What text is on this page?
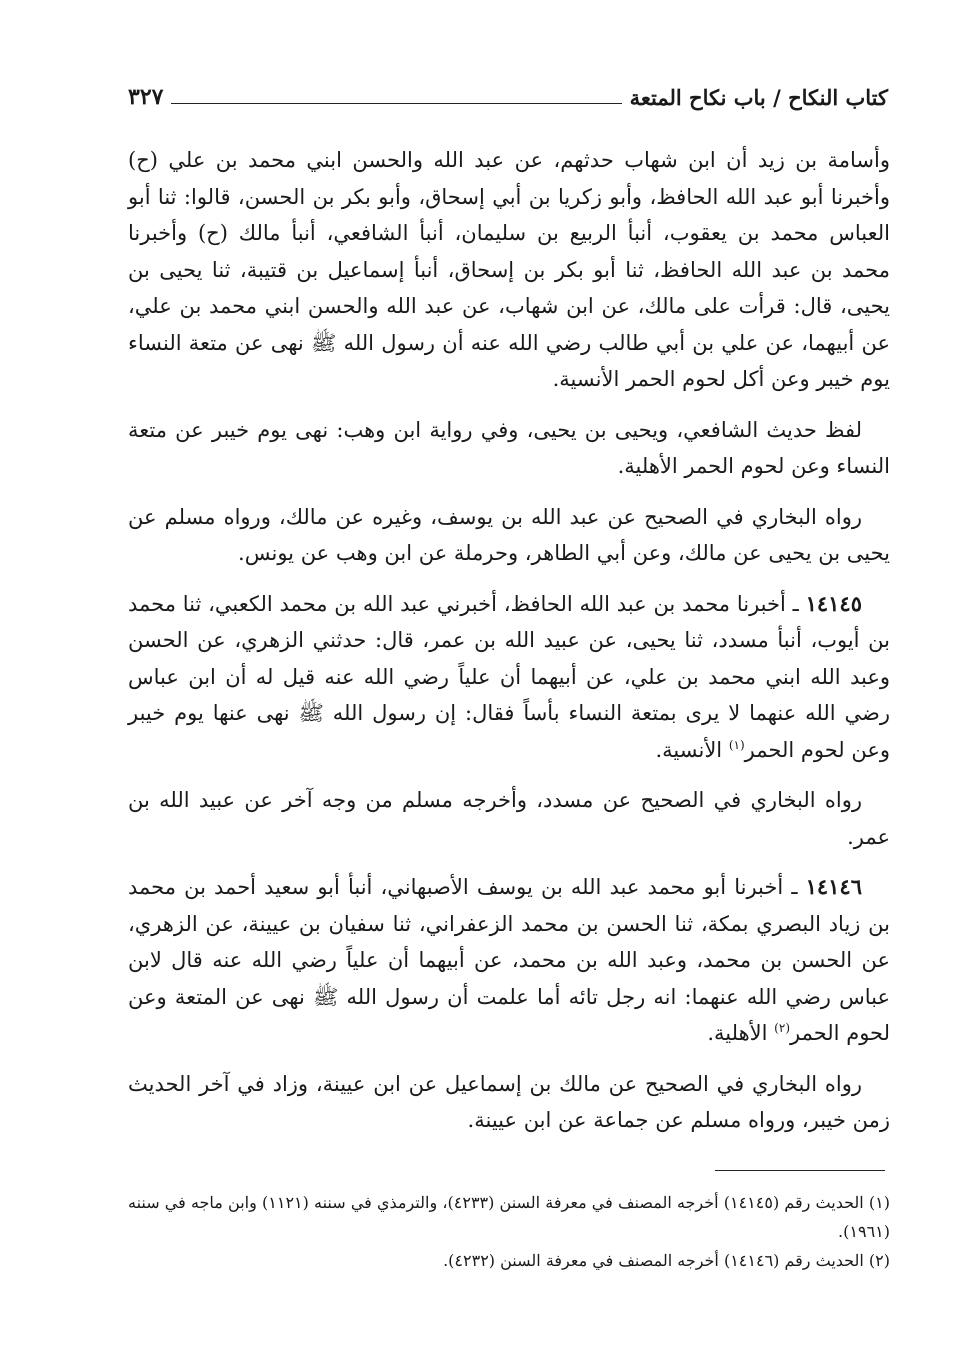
كتاب النكاح / باب نكاح المتعة
٣٢٧

وأسامة بن زيد أن ابن شهاب حدثهم، عن عبد الله والحسن ابني محمد بن علي (ح) وأخبرنا أبو عبد الله الحافظ، وأبو زكريا بن أبي إسحاق، وأبو بكر بن الحسن، قالوا: ثنا أبو العباس محمد بن يعقوب، أنبأ الربيع بن سليمان، أنبأ الشافعي، أنبأ مالك (ح) وأخبرنا محمد بن عبد الله الحافظ، ثنا أبو بكر بن إسحاق، أنبأ إسماعيل بن قتيبة، ثنا يحيى بن يحيى، قال: قرأت على مالك، عن ابن شهاب، عن عبد الله والحسن ابني محمد بن علي، عن أبيهما، عن علي بن أبي طالب رضي الله عنه أن رسول الله ﷺ نهى عن متعة النساء يوم خيبر وعن أكل لحوم الحمر الأنسية.

لفظ حديث الشافعي، ويحيى بن يحيى، وفي رواية ابن وهب: نهى يوم خيبر عن متعة النساء وعن لحوم الحمر الأهلية.

رواه البخاري في الصحيح عن عبد الله بن يوسف، وغيره عن مالك، ورواه مسلم عن يحيى بن يحيى عن مالك، وعن أبي الطاهر، وحرملة عن ابن وهب عن يونس.

١٤١٤٥ ـ أخبرنا محمد بن عبد الله الحافظ، أخبرني عبد الله بن محمد الكعبي، ثنا محمد بن أيوب، أنبأ مسدد، ثنا يحيى، عن عبيد الله بن عمر، قال: حدثني الزهري، عن الحسن وعبد الله ابني محمد بن علي، عن أبيهما أن علياً رضي الله عنه قيل له أن ابن عباس رضي الله عنهما لا يرى بمتعة النساء بأساً فقال: إن رسول الله ﷺ نهى عنها يوم خيبر وعن لحوم الحمر$^{(١)}$ الأنسية.

رواه البخاري في الصحيح عن مسدد، وأخرجه مسلم من وجه آخر عن عبيد الله بن عمر.

١٤١٤٦ ـ أخبرنا أبو محمد عبد الله بن يوسف الأصبهاني، أنبأ أبو سعيد أحمد بن محمد بن زياد البصري بمكة، ثنا الحسن بن محمد الزعفراني، ثنا سفيان بن عيينة، عن الزهري، عن الحسن بن محمد، وعبد الله بن محمد، عن أبيهما أن علياً رضي الله عنه قال لابن عباس رضي الله عنهما: انه رجل تائه أما علمت أن رسول الله ﷺ نهى عن المتعة وعن لحوم الحمر$^{(٢)}$ الأهلية.

رواه البخاري في الصحيح عن مالك بن إسماعيل عن ابن عيينة، وزاد في آخر الحديث زمن خيبر، ورواه مسلم عن جماعة عن ابن عيينة.

(١) الحديث رقم (١٤١٤٥) أخرجه المصنف في معرفة السنن (٤٢٣٣)، والترمذي في سننه (١١٢١) وابن ماجه في سننه (١٩٦١).

(٢) الحديث رقم (١٤١٤٦) أخرجه المصنف في معرفة السنن (٤٢٣٢).
